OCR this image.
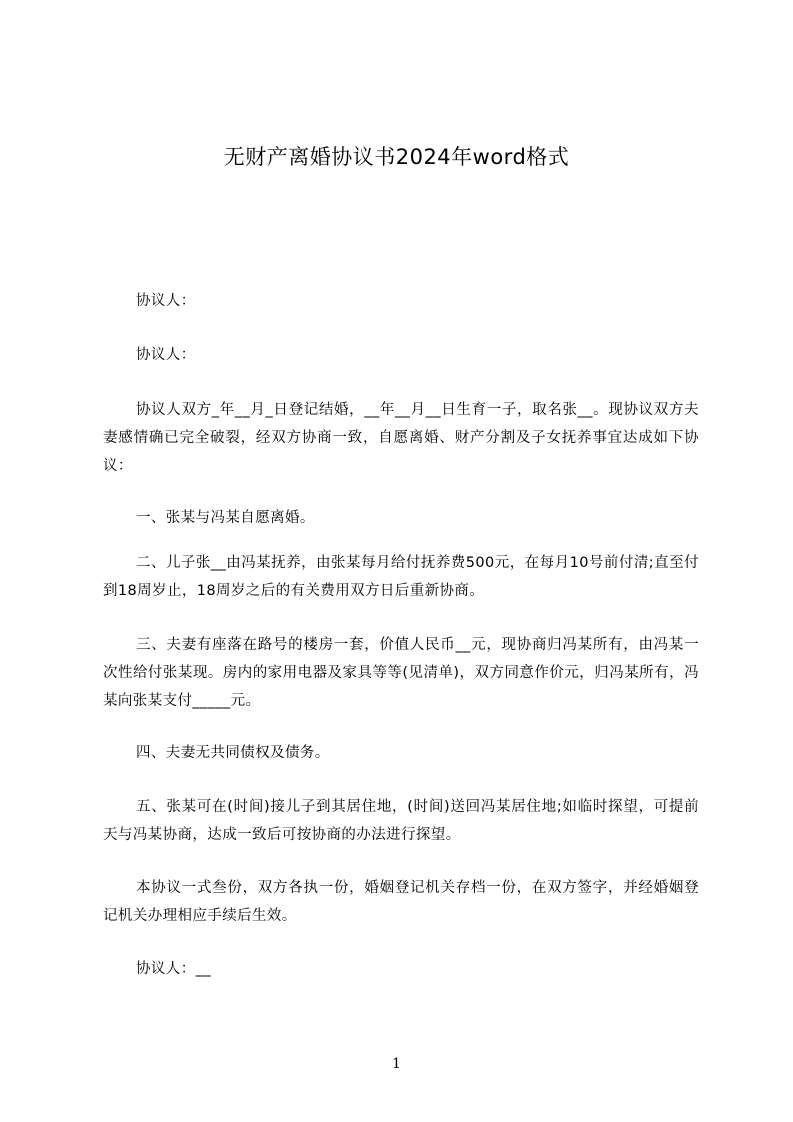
无财产离婚协议书2024年word格式

协议人：

协议人：

协议人双方_年__月_日登记结婚，__年__月__日生育一子，取名张__。现协议双方夫妻感情确已完全破裂，经双方协商一致，自愿离婚、财产分割及子女抚养事宜达成如下协议：

一、张某与冯某自愿离婚。

二、儿子张__由冯某抚养，由张某每月给付抚养费500元，在每月10号前付清;直至付到18周岁止，18周岁之后的有关费用双方日后重新协商。

三、夫妻有座落在路号的楼房一套，价值人民币__元，现协商归冯某所有，由冯某一次性给付张某现。房内的家用电器及家具等等(见清单)，双方同意作价元，归冯某所有，冯某向张某支付_____元。

四、夫妻无共同债权及债务。

五、张某可在(时间)接儿子到其居住地，(时间)送回冯某居住地;如临时探望，可提前天与冯某协商，达成一致后可按协商的办法进行探望。

本协议一式叁份，双方各执一份，婚姻登记机关存档一份，在双方签字，并经婚姻登记机关办理相应手续后生效。

协议人：__

1
